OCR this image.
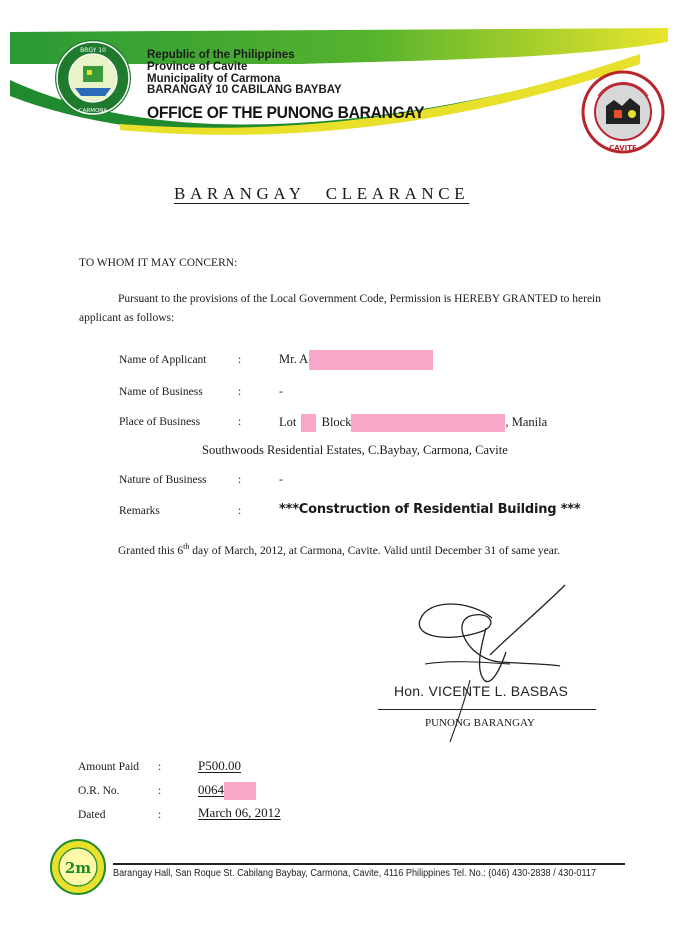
BRGY 10
CARMONA
CAVITE
Republic of the Philippines
Province of Cavite
Municipality of Carmona
BARANGAY 10 CABILANG BAYBAY
OFFICE OF THE PUNONG BARANGAY
BARANGAY CLEARANCE
TO WHOM IT MAY CONCERN:
Pursuant to the provisions of the Local Government Code, Permission is HEREBY GRANTED to herein applicant as follows:
Name of Applicant	:	Mr. A
Name of Business	:	-
Place of Business	:	Lot Block	, Manila
Southwoods Residential Estates, C.Baybay, Carmona, Cavite
Nature of Business	:	-
Remarks	:	***Construction of Residential Building ***
Granted this 6th day of March, 2012, at Carmona, Cavite. Valid until December 31 of same year.
Hon. VICENTE L. BASBAS
PUNONG BARANGAY
Amount Paid :	P500.00
O.R. No.	:	0064
Dated	:	March 06, 2012
2m Barangay Hall, San Roque St. Cabilang Baybay, Carmona, Cavite, 4116 Philippines Tel. No.: (046) 430-2838 / 430-0117
